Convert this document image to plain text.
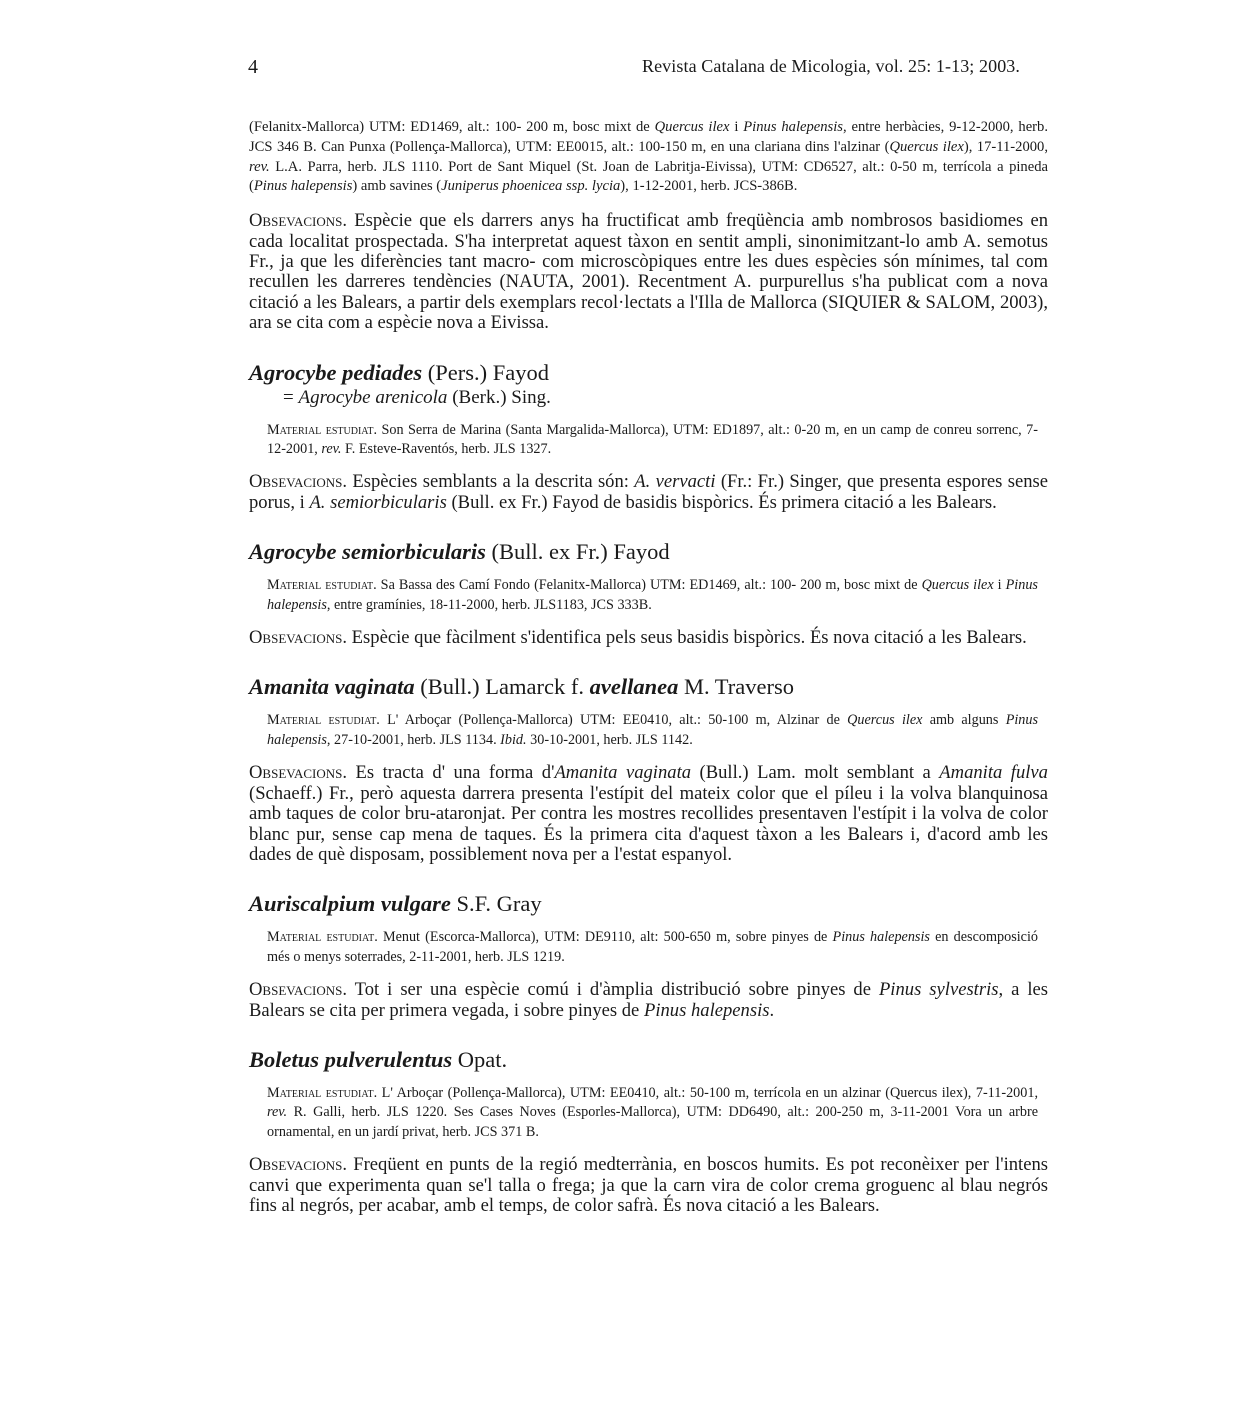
4	Revista Catalana de Micologia, vol. 25: 1-13; 2003.

(Felanitx-Mallorca) UTM: ED1469, alt.: 100- 200 m, bosc mixt de Quercus ilex i Pinus halepensis, entre herbàcies, 9-12-2000, herb. JCS 346 B. Can Punxa (Pollença-Mallorca), UTM: EE0015, alt.: 100-150 m, en una clariana dins l'alzinar (Quercus ilex), 17-11-2000, rev. L.A. Parra, herb. JLS 1110. Port de Sant Miquel (St. Joan de Labritja-Eivissa), UTM: CD6527, alt.: 0-50 m, terrícola a pineda (Pinus halepensis) amb savines (Juniperus phoenicea ssp. lycia), 1-12-2001, herb. JCS-386B.

Obsevacions. Espècie que els darrers anys ha fructificat amb freqüència amb nombrosos basidiomes en cada localitat prospectada. S'ha interpretat aquest tàxon en sentit ampli, sinonimitzant-lo amb A. semotus Fr., ja que les diferències tant macro- com microscòpiques entre les dues espècies són mínimes, tal com recullen les darreres tendències (NAUTA, 2001). Recentment A. purpurellus s'ha publicat com a nova citació a les Balears, a partir dels exemplars recol·lectats a l'Illa de Mallorca (SIQUIER & SALOM, 2003), ara se cita com a espècie nova a Eivissa.

Agrocybe pediades (Pers.) Fayod

= Agrocybe arenicola (Berk.) Sing.

Material estudiat. Son Serra de Marina (Santa Margalida-Mallorca), UTM: ED1897, alt.: 0-20 m, en un camp de conreu sorrenc, 7-12-2001, rev. F. Esteve-Raventós, herb. JLS 1327.

Obsevacions. Espècies semblants a la descrita són: A. vervacti (Fr.: Fr.) Singer, que presenta espores sense porus, i A. semiorbicularis (Bull. ex Fr.) Fayod de basidis bispòrics. És primera citació a les Balears.

Agrocybe semiorbicularis (Bull. ex Fr.) Fayod

Material estudiat. Sa Bassa des Camí Fondo (Felanitx-Mallorca) UTM: ED1469, alt.: 100- 200 m, bosc mixt de Quercus ilex i Pinus halepensis, entre gramínies, 18-11-2000, herb. JLS1183, JCS 333B.

Obsevacions. Espècie que fàcilment s'identifica pels seus basidis bispòrics. És nova citació a les Balears.

Amanita vaginata (Bull.) Lamarck f. avellanea M. Traverso

Material estudiat. L' Arboçar (Pollença-Mallorca) UTM: EE0410, alt.: 50-100 m, Alzinar de Quercus ilex amb alguns Pinus halepensis, 27-10-2001, herb. JLS 1134. Ibid. 30-10-2001, herb. JLS 1142.

Obsevacions. Es tracta d' una forma d'Amanita vaginata (Bull.) Lam. molt semblant a Amanita fulva (Schaeff.) Fr., però aquesta darrera presenta l'estípit del mateix color que el píleu i la volva blanquinosa amb taques de color bru-ataronjat. Per contra les mostres recollides presentaven l'estípit i la volva de color blanc pur, sense cap mena de taques. És la primera cita d'aquest tàxon a les Balears i, d'acord amb les dades de què disposam, possiblement nova per a l'estat espanyol.

Auriscalpium vulgare S.F. Gray

Material estudiat. Menut (Escorca-Mallorca), UTM: DE9110, alt: 500-650 m, sobre pinyes de Pinus halepensis en descomposició més o menys soterrades, 2-11-2001, herb. JLS 1219.

Obsevacions. Tot i ser una espècie comú i d'àmplia distribució sobre pinyes de Pinus sylvestris, a les Balears se cita per primera vegada, i sobre pinyes de Pinus halepensis.

Boletus pulverulentus Opat.

Material estudiat. L' Arboçar (Pollença-Mallorca), UTM: EE0410, alt.: 50-100 m, terrícola en un alzinar (Quercus ilex), 7-11-2001, rev. R. Galli, herb. JLS 1220. Ses Cases Noves (Esporles-Mallorca), UTM: DD6490, alt.: 200-250 m, 3-11-2001 Vora un arbre ornamental, en un jardí privat, herb. JCS 371 B.

Obsevacions. Freqüent en punts de la regió medterrània, en boscos humits. Es pot reconèixer per l'intens canvi que experimenta quan se'l talla o frega; ja que la carn vira de color crema groguenc al blau negrós fins al negrós, per acabar, amb el temps, de color safrà. És nova citació a les Balears.
